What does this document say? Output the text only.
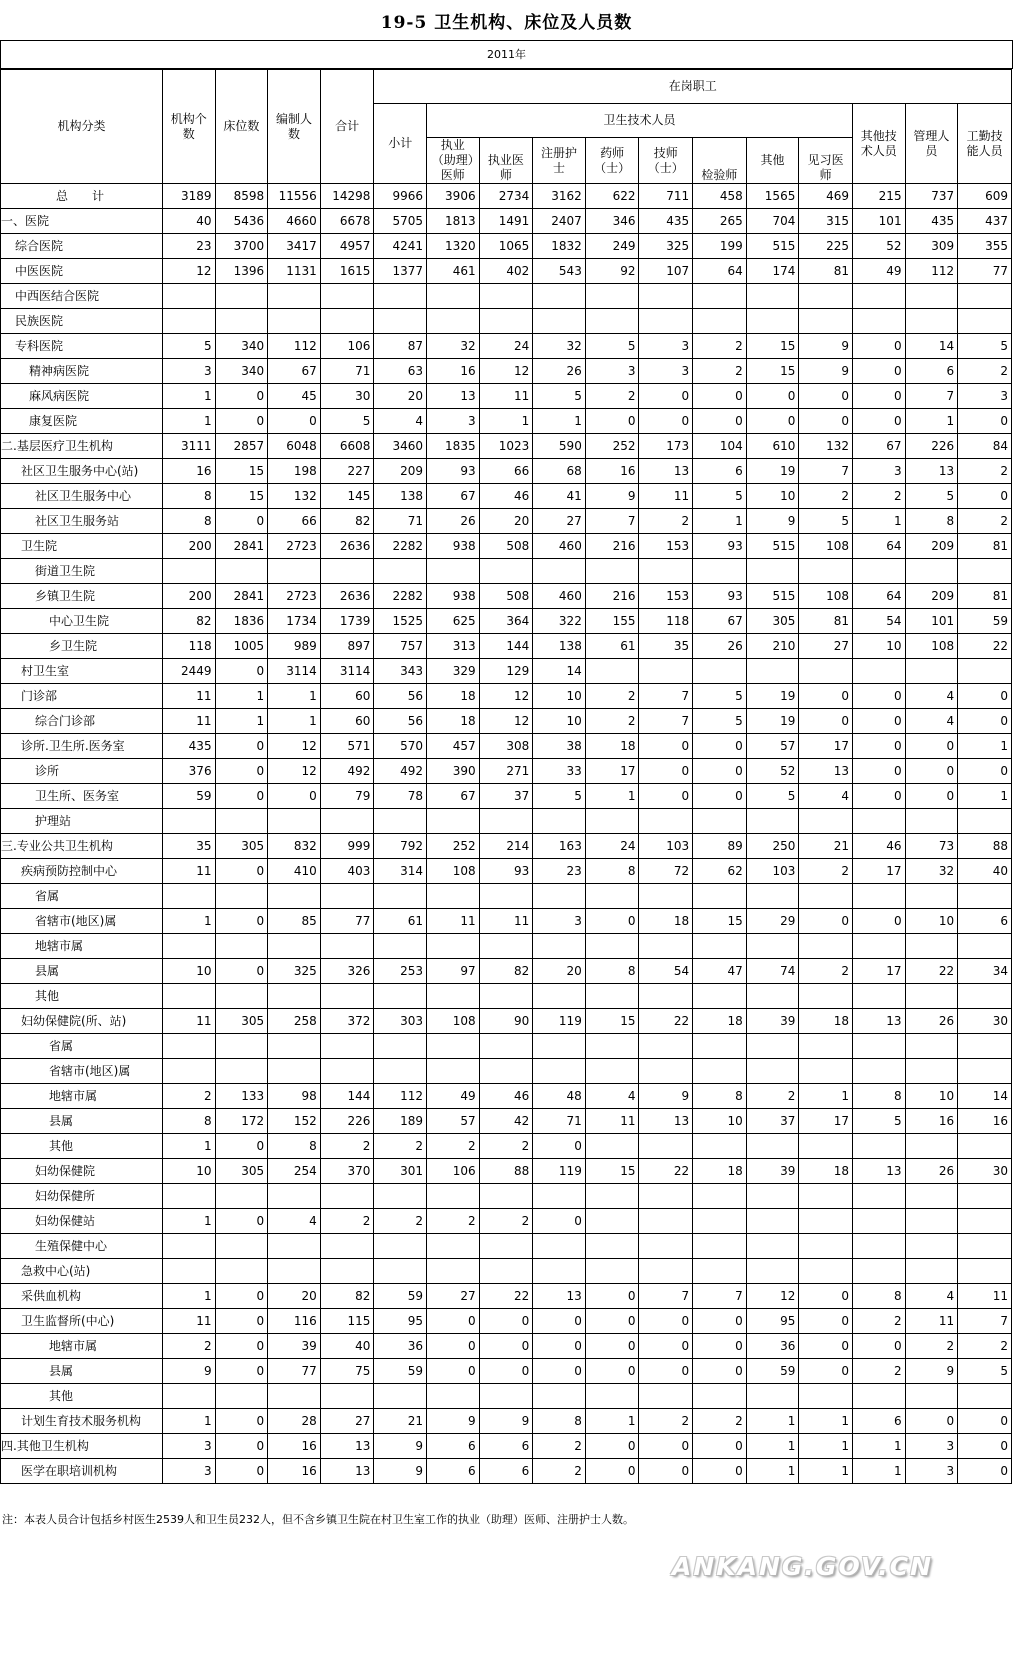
19-5 卫生机构、床位及人员数
2011年
机构分类	机构个数	床位数	编制人数	合计	在岗职工											
					小计	卫生技术人员								其他技术人员	管理人员	工勤技能人员
						执业（助理）医师	执业医师	注册护士	药师（士）	技师（士）	检验师	其他	见习医师			

总　　计	3189	8598	11556	14298	9966	3906	2734	3162	622	711	458	1565	469	215	737	609
一、医院	40	5436	4660	6678	5705	1813	1491	2407	346	435	265	704	315	101	435	437
综合医院	23	3700	3417	4957	4241	1320	1065	1832	249	325	199	515	225	52	309	355
中医医院	12	1396	1131	1615	1377	461	402	543	92	107	64	174	81	49	112	77
中西医结合医院																
民族医院																
专科医院	5	340	112	106	87	32	24	32	5	3	2	15	9	0	14	5
精神病医院	3	340	67	71	63	16	12	26	3	3	2	15	9	0	6	2
麻风病医院	1	0	45	30	20	13	11	5	2	0	0	0	0	0	7	3
康复医院	1	0	0	5	4	3	1	1	0	0	0	0	0	0	1	0
二.基层医疗卫生机构	3111	2857	6048	6608	3460	1835	1023	590	252	173	104	610	132	67	226	84
社区卫生服务中心(站)	16	15	198	227	209	93	66	68	16	13	6	19	7	3	13	2
社区卫生服务中心	8	15	132	145	138	67	46	41	9	11	5	10	2	2	5	0
社区卫生服务站	8	0	66	82	71	26	20	27	7	2	1	9	5	1	8	2
卫生院	200	2841	2723	2636	2282	938	508	460	216	153	93	515	108	64	209	81
街道卫生院																
乡镇卫生院	200	2841	2723	2636	2282	938	508	460	216	153	93	515	108	64	209	81
中心卫生院	82	1836	1734	1739	1525	625	364	322	155	118	67	305	81	54	101	59
乡卫生院	118	1005	989	897	757	313	144	138	61	35	26	210	27	10	108	22
村卫生室	2449	0	3114	3114	343	329	129	14								
门诊部	11	1	1	60	56	18	12	10	2	7	5	19	0	0	4	0
综合门诊部	11	1	1	60	56	18	12	10	2	7	5	19	0	0	4	0
诊所.卫生所.医务室	435	0	12	571	570	457	308	38	18	0	0	57	17	0	0	1
诊所	376	0	12	492	492	390	271	33	17	0	0	52	13	0	0	0
卫生所、医务室	59	0	0	79	78	67	37	5	1	0	0	5	4	0	0	1
护理站																
三.专业公共卫生机构	35	305	832	999	792	252	214	163	24	103	89	250	21	46	73	88
疾病预防控制中心	11	0	410	403	314	108	93	23	8	72	62	103	2	17	32	40
省属																
省辖市(地区)属	1	0	85	77	61	11	11	3	0	18	15	29	0	0	10	6
地辖市属																
县属	10	0	325	326	253	97	82	20	8	54	47	74	2	17	22	34
其他																
妇幼保健院(所、站)	11	305	258	372	303	108	90	119	15	22	18	39	18	13	26	30
省属																
省辖市(地区)属																
地辖市属	2	133	98	144	112	49	46	48	4	9	8	2	1	8	10	14
县属	8	172	152	226	189	57	42	71	11	13	10	37	17	5	16	16
其他	1	0	8	2	2	2	2	0								
妇幼保健院	10	305	254	370	301	106	88	119	15	22	18	39	18	13	26	30
妇幼保健所																
妇幼保健站	1	0	4	2	2	2	2	0								
生殖保健中心																
急救中心(站)																
采供血机构	1	0	20	82	59	27	22	13	0	7	7	12	0	8	4	11
卫生监督所(中心)	11	0	116	115	95	0	0	0	0	0	0	95	0	2	11	7
地辖市属	2	0	39	40	36	0	0	0	0	0	0	36	0	0	2	2
县属	9	0	77	75	59	0	0	0	0	0	0	59	0	2	9	5
其他																
计划生育技术服务机构	1	0	28	27	21	9	9	8	1	2	2	1	1	6	0	0
四.其他卫生机构	3	0	16	13	9	6	6	2	0	0	0	1	1	1	3	0
医学在职培训机构	3	0	16	13	9	6	6	2	0	0	0	1	1	1	3	0
注：本表人员合计包括乡村医生2539人和卫生员232人，但不含乡镇卫生院在村卫生室工作的执业（助理）医师、注册护士人数。
ANKANG.GOV.CN
